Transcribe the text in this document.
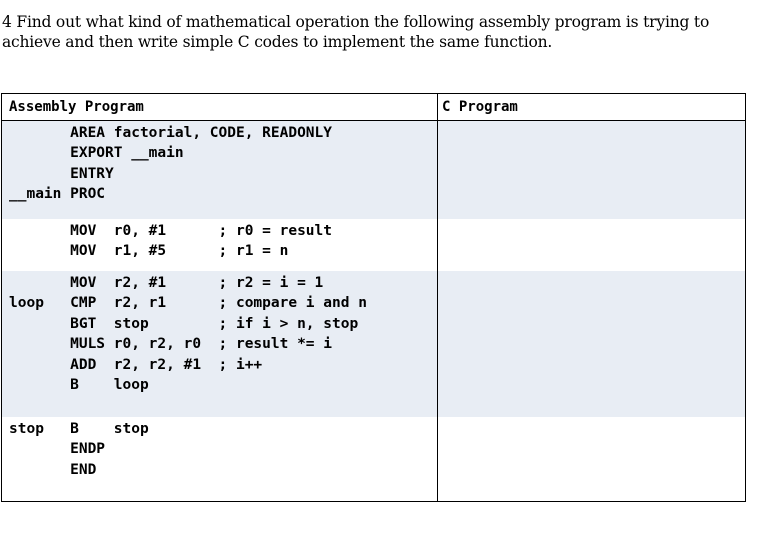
4 Find out what kind of mathematical operation the following assembly program is trying to achieve and then write simple C codes to implement the same function.
Assembly Program	C Program
AREA factorial, CODE, READONLY
EXPORT __main
ENTRY
__main PROC
MOV  r0, #1      ; r0 = result
MOV  r1, #5      ; r1 = n
MOV  r2, #1      ; r2 = i = 1
loop   CMP  r2, r1      ; compare i and n
BGT  stop        ; if i > n, stop
MULS r0, r2, r0  ; result *= i
ADD  r2, r2, #1  ; i++
B    loop
stop   B    stop
ENDP
END
